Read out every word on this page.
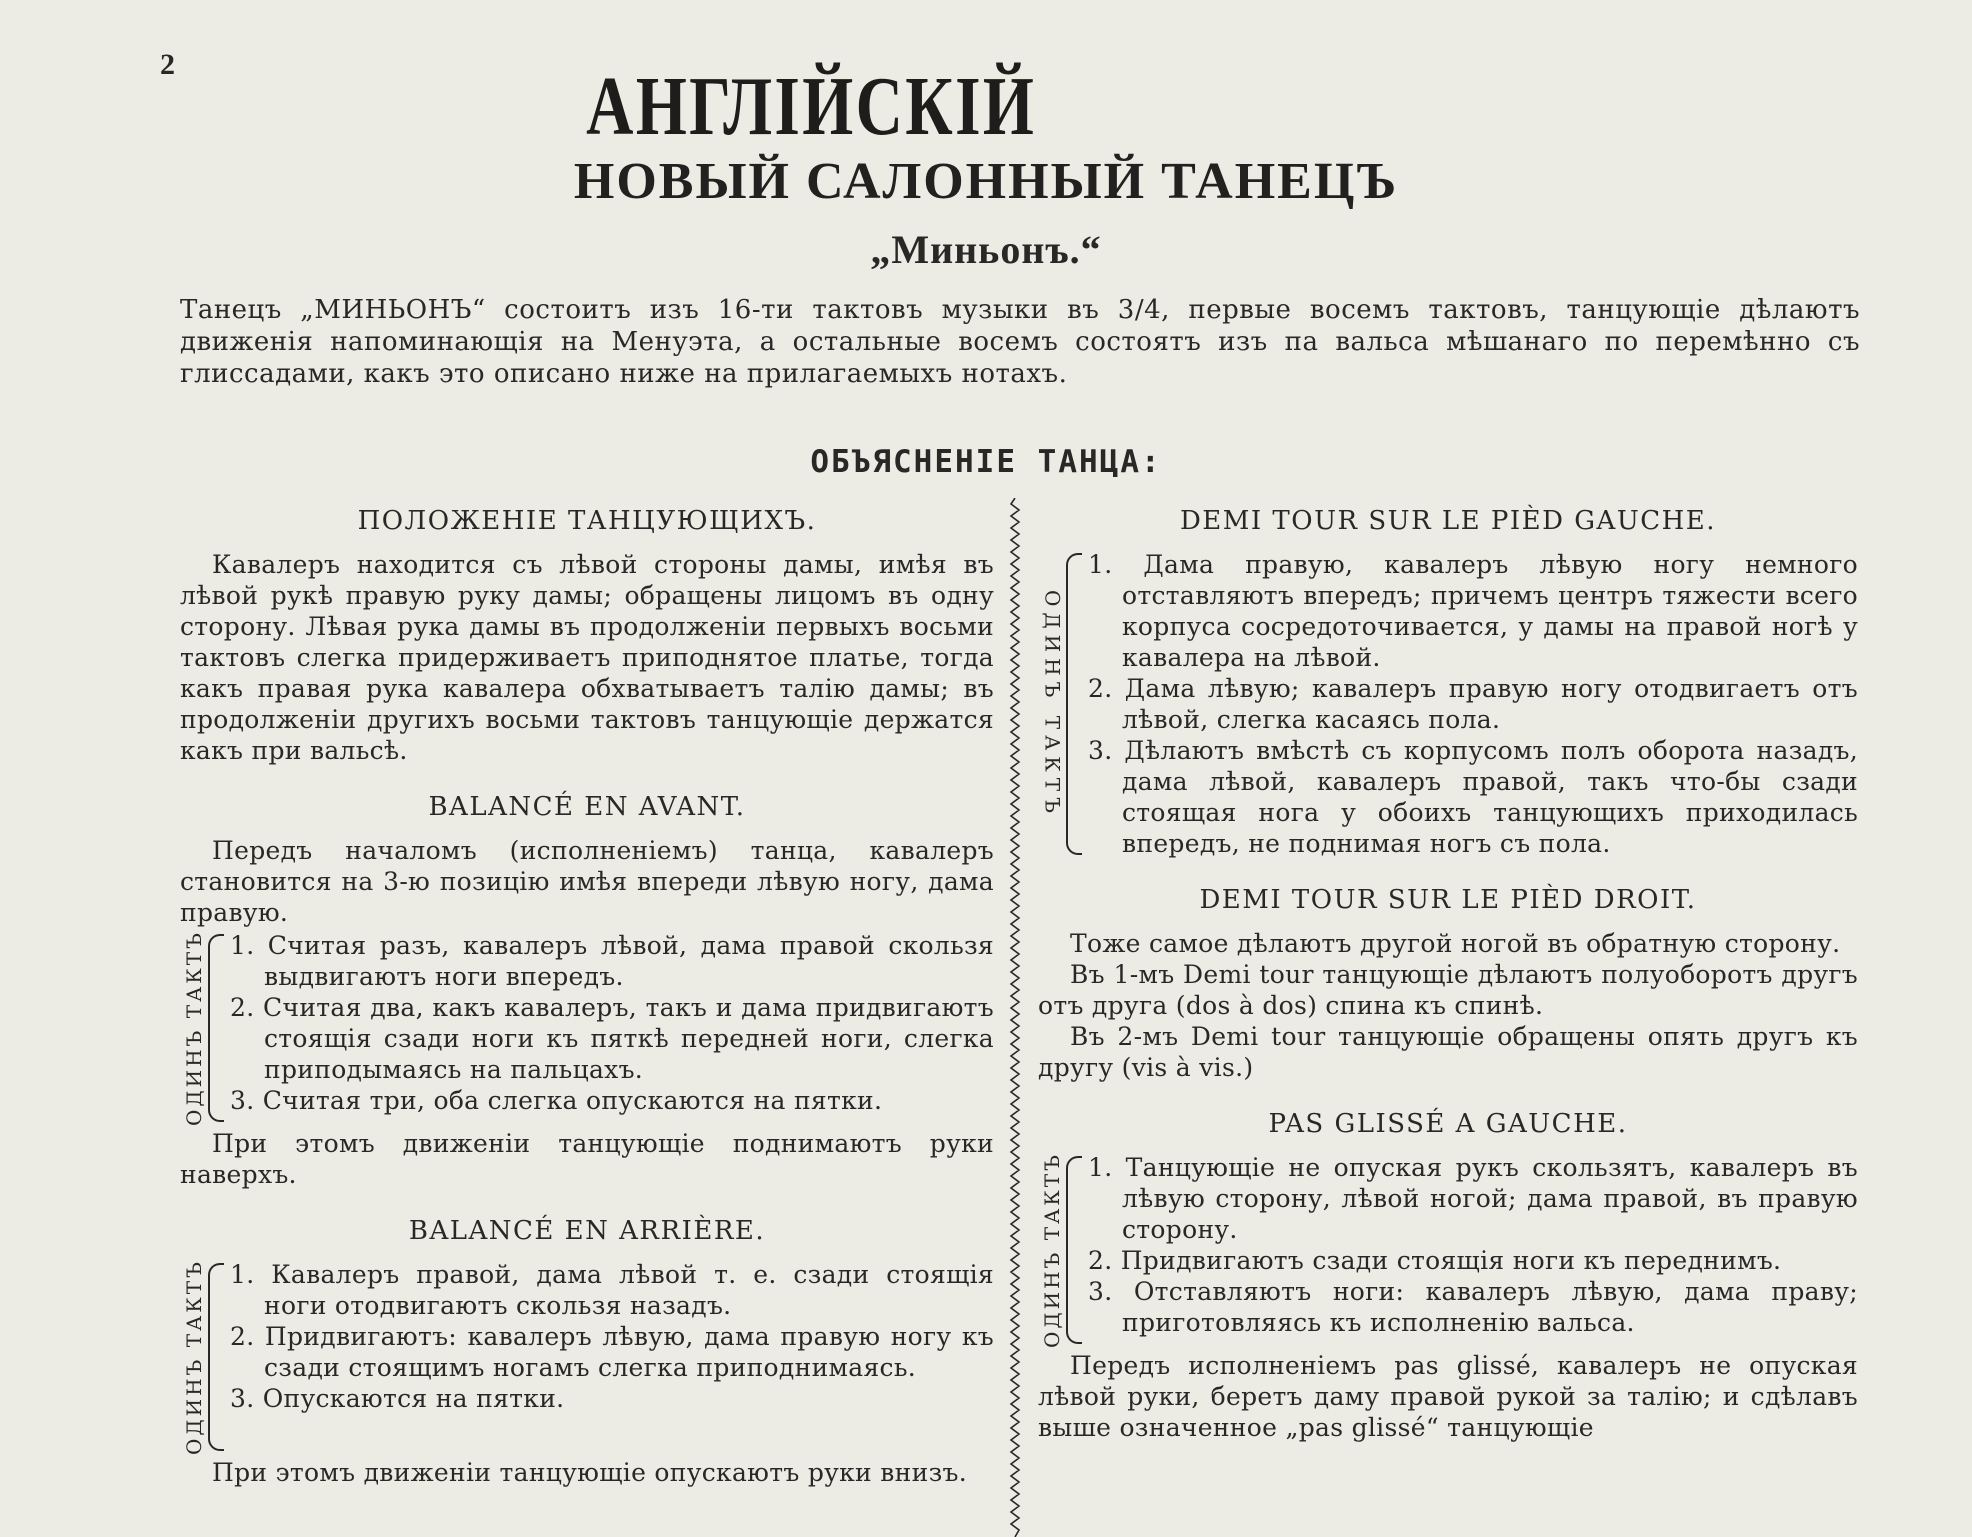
2	АНГЛІЙСКІЙ
НОВЫЙ САЛОННЫЙ ТАНЕЦЪ
„Миньонъ.“

Танецъ „МИНЬОНЪ“ состоитъ изъ 16-ти тактовъ музыки въ 3/4, первые восемъ тактовъ, танцующіе дѣлаютъ движенія напоминающія на Менуэта, а остальные восемъ состоятъ изъ па вальса мѣшанаго по перемѣнно съ глиссадами, какъ это описано ниже на прилагаемыхъ нотахъ.

ОБЪЯСНЕНІЕ ТАНЦА:
ПОЛОЖЕНІЕ ТАНЦУЮЩИХЪ.

Кавалеръ находится съ лѣвой стороны дамы, имѣя въ лѣвой рукѣ правую руку дамы; обращены лицомъ въ одну сторону. Лѣвая рука дамы въ продолженіи первыхъ восьми тактовъ слегка придерживаетъ приподнятое платье, тогда какъ правая рука кавалера обхватываетъ талію дамы; въ продолженіи другихъ восьми тактовъ танцующіе держатся какъ при вальсѣ.

BALANCÉ EN AVANT.

Передъ началомъ (исполненіемъ) танца, кавалеръ становится на 3-ю позицію имѣя впереди лѣвую ногу, дама правую.

ОДИНЪ ТАКТЪ 1. Считая разъ, кавалеръ лѣвой, дама правой скользя выдвигаютъ ноги впередъ.

2. Считая два, какъ кавалеръ, такъ и дама придвигаютъ стоящія сзади ноги къ пяткѣ передней ноги, слегка приподымаясь на пальцахъ.

3. Считая три, оба слегка опускаются на пятки.

При этомъ движеніи танцующіе поднимаютъ руки наверхъ.

BALANCÉ EN ARRIÈRE.
ОДИНЪ ТАКТЪ 1. Кавалеръ правой, дама лѣвой т. е. сзади стоящія ноги отодвигаютъ скользя назадъ.

2. Придвигаютъ: кавалеръ лѣвую, дама правую ногу къ сзади стоящимъ ногамъ слегка приподнимаясь.

3. Опускаются на пятки.

При этомъ движеніи танцующіе опускаютъ руки внизъ.

DEMI TOUR SUR LE PIÈD GAUCHE.
ОДИНЪ ТАКТЪ

1. Дама правую, кавалеръ лѣвую ногу немного отставляютъ впередъ; причемъ центръ тяжести всего корпуса сосредоточивается, у дамы на правой ногѣ у кавалера на лѣвой.

2. Дама лѣвую; кавалеръ правую ногу отодвигаетъ отъ лѣвой, слегка касаясь пола.

3. Дѣлаютъ вмѣстѣ съ корпусомъ полъ оборота назадъ, дама лѣвой, кавалеръ правой, такъ что-бы сзади стоящая нога у обоихъ танцующихъ приходилась впередъ, не поднимая ногъ съ пола.

DEMI TOUR SUR LE PIÈD DROIT.

Тоже самое дѣлаютъ другой ногой въ обратную сторону.

Въ 1-мъ Demi tour танцующіе дѣлаютъ полуоборотъ другъ отъ друга (dos à dos) спина къ спинѣ.

Въ 2-мъ Demi tour танцующіе обращены опять другъ къ другу (vis à vis.)

PAS GLISSÉ A GAUCHE.
ОДИНЪ ТАКТЪ 1. Танцующіе не опуская рукъ скользятъ, кавалеръ въ лѣвую сторону, лѣвой ногой; дама правой, въ правую сторону.

2. Придвигаютъ сзади стоящія ноги къ переднимъ.

3. Отставляютъ ноги: кавалеръ лѣвую, дама праву; приготовляясь къ исполненію вальса.

Передъ исполненіемъ pas glissé, кавалеръ не опуская лѣвой руки, беретъ даму правой рукой за талію; и сдѣлавъ выше означенное „pas glissé“ танцующіе
